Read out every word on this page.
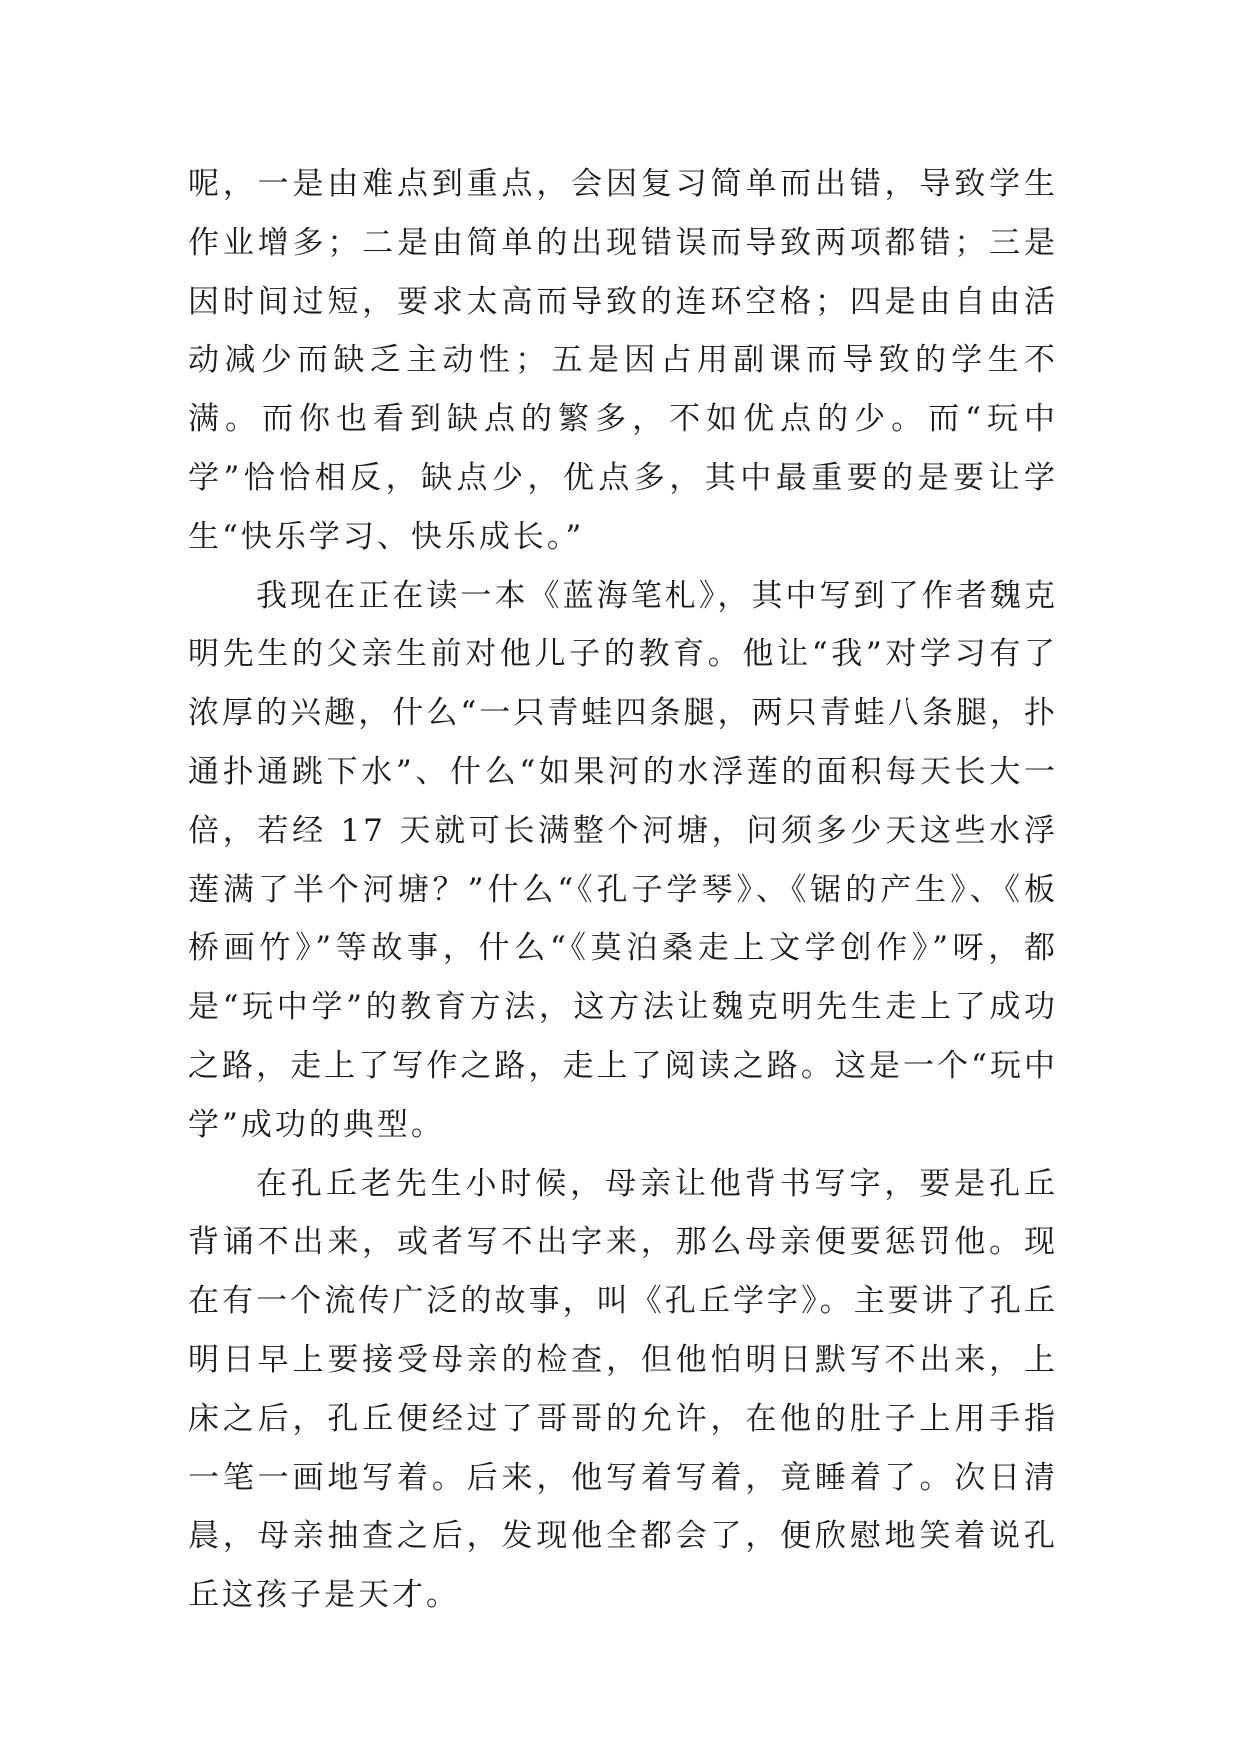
呢，一是由难点到重点，会因复习简单而出错，导致学生作业增多；二是由简单的出现错误而导致两项都错；三是因时间过短，要求太高而导致的连环空格；四是由自由活动减少而缺乏主动性；五是因占用副课而导致的学生不满。而你也看到缺点的繁多，不如优点的少。而“玩中学”恰恰相反，缺点少，优点多，其中最重要的是要让学生“快乐学习、快乐成长。”

我现在正在读一本《蓝海笔札》，其中写到了作者魏克明先生的父亲生前对他儿子的教育。他让“我”对学习有了浓厚的兴趣，什么“一只青蛙四条腿，两只青蛙八条腿，扑通扑通跳下水”、什么“如果河的水浮莲的面积每天长大一倍，若经 17 天就可长满整个河塘，问须多少天这些水浮莲满了半个河塘？”什么“《孔子学琴》、《锯的产生》、《板桥画竹》”等故事，什么“《莫泊桑走上文学创作》”呀，都是“玩中学”的教育方法，这方法让魏克明先生走上了成功之路，走上了写作之路，走上了阅读之路。这是一个“玩中学”成功的典型。

在孔丘老先生小时候，母亲让他背书写字，要是孔丘背诵不出来，或者写不出字来，那么母亲便要惩罚他。现在有一个流传广泛的故事，叫《孔丘学字》。主要讲了孔丘明日早上要接受母亲的检查，但他怕明日默写不出来，上床之后，孔丘便经过了哥哥的允许，在他的肚子上用手指一笔一画地写着。后来，他写着写着，竟睡着了。次日清晨，母亲抽查之后，发现他全都会了，便欣慰地笑着说孔丘这孩子是天才。
